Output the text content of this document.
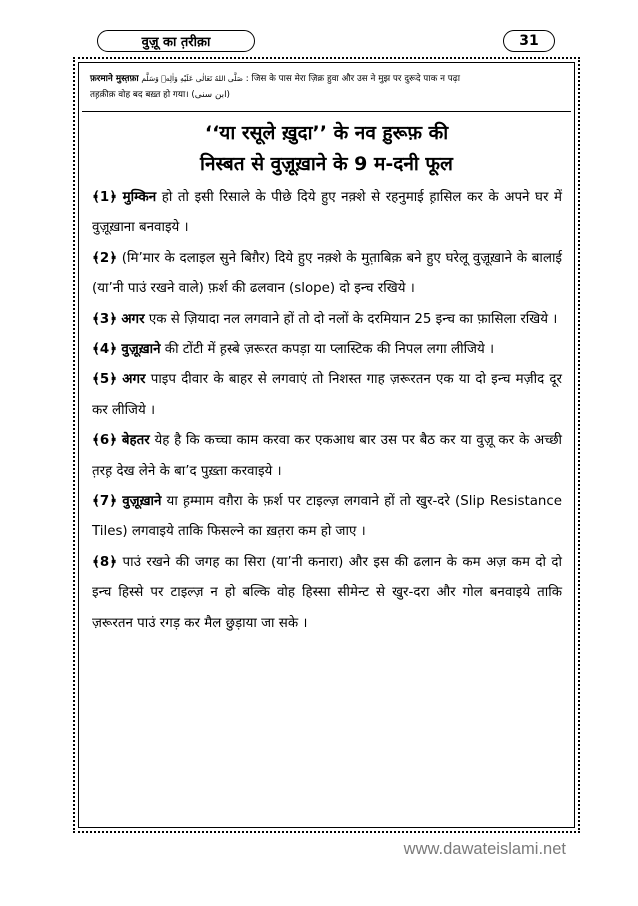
वुज़ू का त़रीक़ा	31
फ़रमाने मुस्त़फ़ा صَلَّى اللهُ تَعَالٰى عَلَيْهِ وَاٰلِهٖ وَسَلَّم : जिस के पास मेरा ज़िक्र हुवा और उस ने मुझ पर दुरूदे पाक न पढ़ा
तह़क़ीक़ वोह बद बख़्त हो गया। (ابن سنی)
‘‘या रसूले ख़ुदा’’ के नव ह़ुरूफ़ की
निस्बत से वुज़ूख़ाने के 9 म-दनी फूल
﴾1﴿ मुम्किन हो तो इसी रिसाले के पीछे दिये हुए नक़्शे से रहनुमाई ह़ासिल कर के अपने घर में वुज़ूख़ाना बनवाइये ।
﴾2﴿ (मि’मार के दलाइल सुने बिग़ैर) दिये हुए नक़्शे के मुत़ाबिक़ बने हुए घरेलू वुज़ूख़ाने के बालाई (या’नी पाउं रखने वाले) फ़र्श की ढलवान (slope) दो इन्च रखिये ।
﴾3﴿ अगर एक से ज़ियादा नल लगवाने हों तो दो नलों के दरमियान 25 इन्च का फ़ासिला रखिये ।
﴾4﴿ वुज़ूख़ाने की टोंटी में ह़स्बे ज़रूरत कपड़ा या प्लास्टिक की निपल लगा लीजिये ।
﴾5﴿ अगर पाइप दीवार के बाहर से लगवाएं तो निशस्त गाह ज़रूरतन एक या दो इन्च मज़ीद दूर कर लीजिये ।
﴾6﴿ बेहतर येह है कि कच्चा काम करवा कर एकआध बार उस पर बैठ कर या वुज़ू कर के अच्छी त़रह़ देख लेने के बा’द पुख़्ता करवाइये ।
﴾7﴿ वुज़ूख़ाने या ह़म्माम वग़ैरा के फ़र्श पर टाइल्ज़ लगवाने हों तो खुर-दरे (Slip Resistance Tiles) लगवाइये ताकि फिसल्ने का ख़त़रा कम हो जाए ।
﴾8﴿ पाउं रखने की जगह का सिरा (या’नी कनारा) और इस की ढलान के कम अज़ कम दो दो इन्च हिस्से पर टाइल्ज़ न हो बल्कि वोह हिस्सा सीमेन्ट से खुर-दरा और गोल बनवाइये ताकि ज़रूरतन पाउं रगड़ कर मैल छुड़ाया जा सके ।
www.dawateislami.net
